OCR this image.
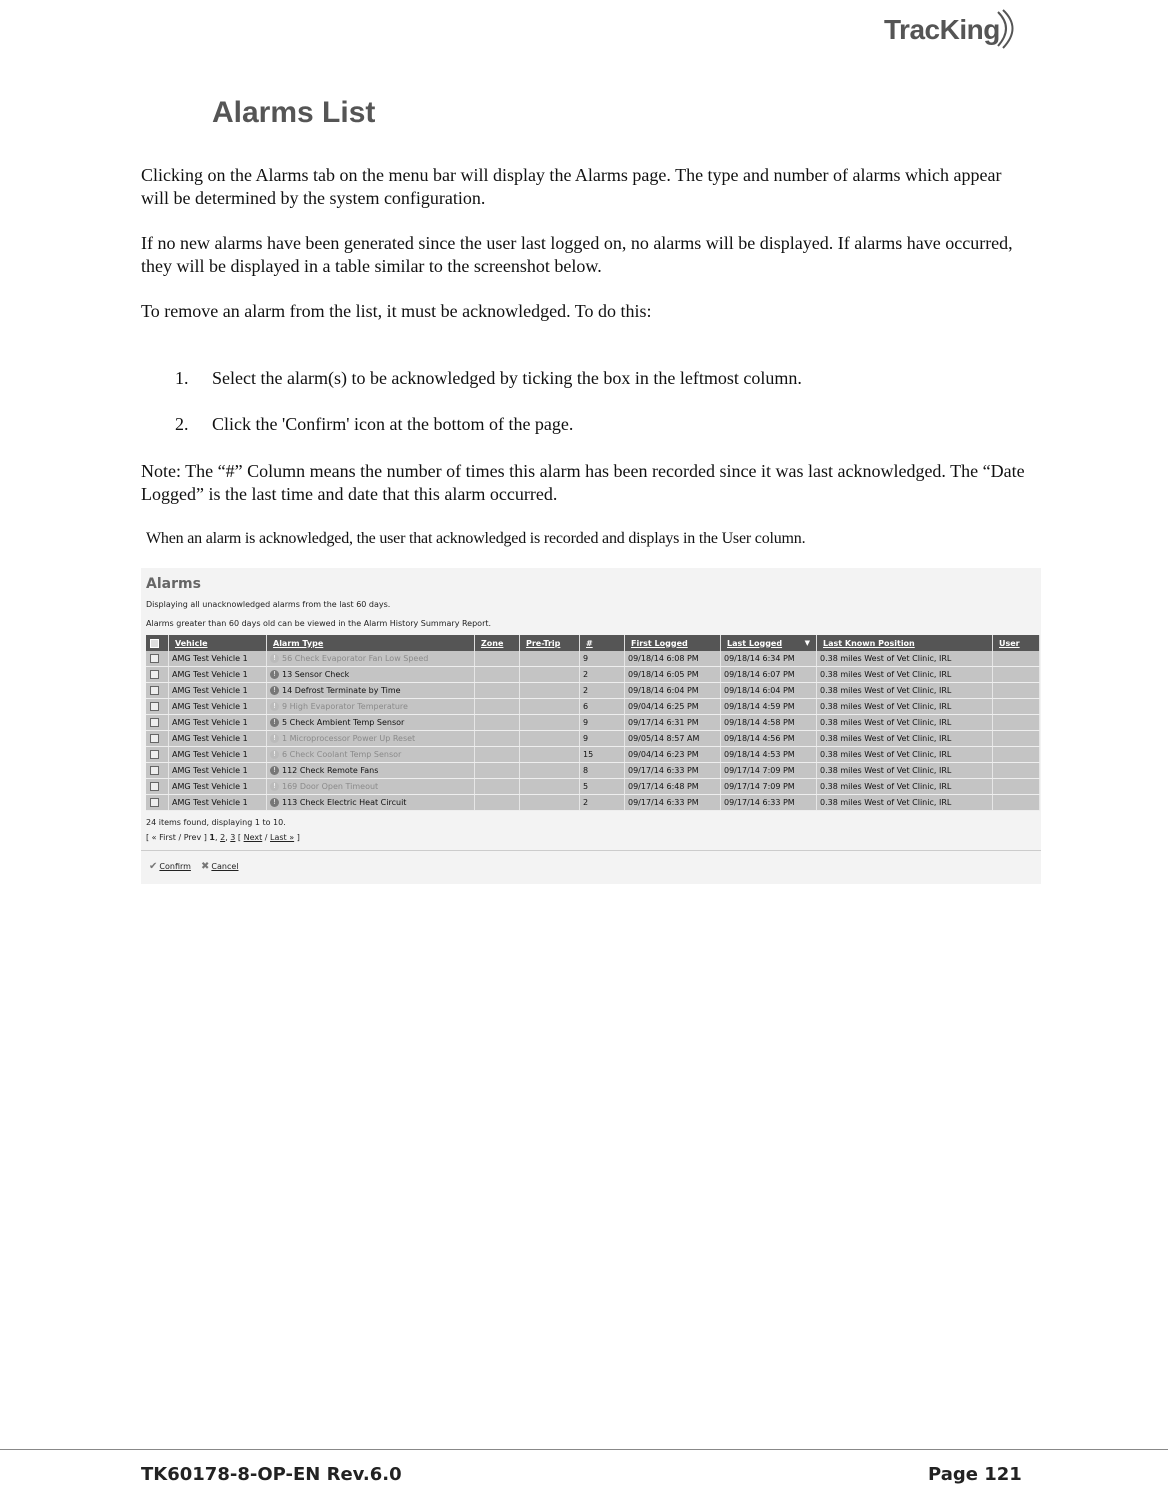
TracKing
Alarms List

Clicking on the Alarms tab on the menu bar will display the Alarms page. The type and number of alarms which appear will be determined by the system configuration.

If no new alarms have been generated since the user last logged on, no alarms will be displayed. If alarms have occurred, they will be displayed in a table similar to the screenshot below.

To remove an alarm from the list, it must be acknowledged. To do this:

1. Select the alarm(s) to be acknowledged by ticking the box in the leftmost column.

2. Click the 'Confirm' icon at the bottom of the page.

Note: The “#” Column means the number of times this alarm has been recorded since it was last acknowledged. The “Date Logged” is the last time and date that this alarm occurred.

When an alarm is acknowledged, the user that acknowledged is recorded and displays in the User column.

Alarms
Displaying all unacknowledged alarms from the last 60 days.
Alarms greater than 60 days old can be viewed in the Alarm History Summary Report.
	Vehicle	Alarm Type	Zone	Pre-Trip	#	First Logged	Last Logged ▼	Last Known Position	User
	AMG Test Vehicle 1	! 56 Check Evaporator Fan Low Speed			9	09/18/14 6:08 PM	09/18/14 6:34 PM	0.38 miles West of Vet Clinic, IRL	
	AMG Test Vehicle 1	! 13 Sensor Check			2	09/18/14 6:05 PM	09/18/14 6:07 PM	0.38 miles West of Vet Clinic, IRL	
	AMG Test Vehicle 1	! 14 Defrost Terminate by Time			2	09/18/14 6:04 PM	09/18/14 6:04 PM	0.38 miles West of Vet Clinic, IRL	
	AMG Test Vehicle 1	! 9 High Evaporator Temperature			6	09/04/14 6:25 PM	09/18/14 4:59 PM	0.38 miles West of Vet Clinic, IRL	
	AMG Test Vehicle 1	! 5 Check Ambient Temp Sensor			9	09/17/14 6:31 PM	09/18/14 4:58 PM	0.38 miles West of Vet Clinic, IRL	
	AMG Test Vehicle 1	! 1 Microprocessor Power Up Reset			9	09/05/14 8:57 AM	09/18/14 4:56 PM	0.38 miles West of Vet Clinic, IRL	
	AMG Test Vehicle 1	! 6 Check Coolant Temp Sensor			15	09/04/14 6:23 PM	09/18/14 4:53 PM	0.38 miles West of Vet Clinic, IRL	
	AMG Test Vehicle 1	! 112 Check Remote Fans			8	09/17/14 6:33 PM	09/17/14 7:09 PM	0.38 miles West of Vet Clinic, IRL	
	AMG Test Vehicle 1	! 169 Door Open Timeout			5	09/17/14 6:48 PM	09/17/14 7:09 PM	0.38 miles West of Vet Clinic, IRL	
	AMG Test Vehicle 1	! 113 Check Electric Heat Circuit			2	09/17/14 6:33 PM	09/17/14 6:33 PM	0.38 miles West of Vet Clinic, IRL	
24 items found, displaying 1 to 10.
[ « First / Prev ] 1, 2, 3 [ Next / Last » ]
✔ Confirm ✖ Cancel
TK60178-8-OP-EN Rev.6.0	Page 121
